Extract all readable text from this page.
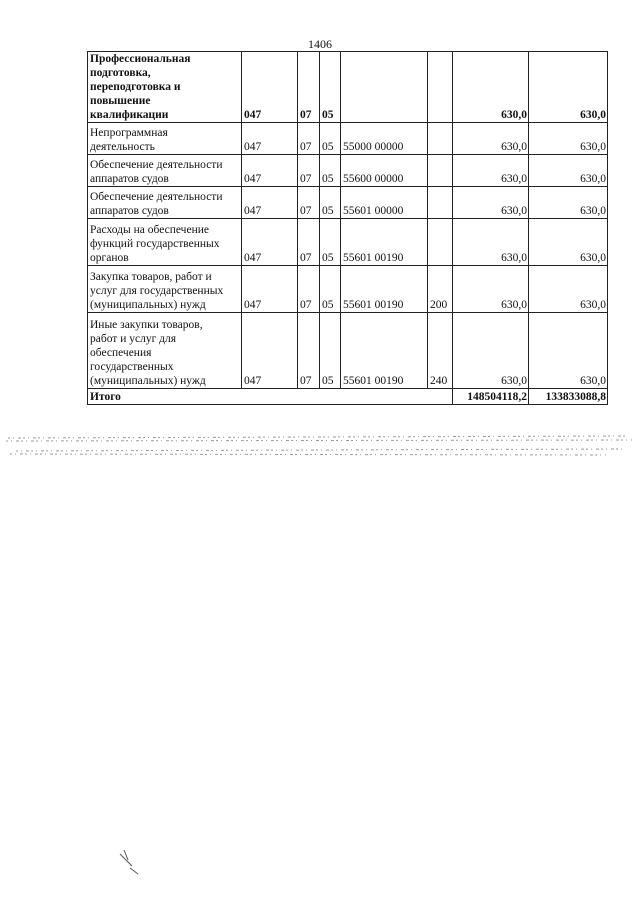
1406
Профессиональная
подготовка,
переподготовка и
повышение
квалификации	047	07	05			630,0	630,0
Непрограммная
деятельность	047	07	05	55000 00000		630,0	630,0
Обеспечение деятельности
аппаратов судов	047	07	05	55600 00000		630,0	630,0
Обеспечение деятельности
аппаратов судов	047	07	05	55601 00000		630,0	630,0
Расходы на обеспечение
функций государственных
органов	047	07	05	55601 00190		630,0	630,0
Закупка товаров, работ и
услуг для государственных
(муниципальных) нужд	047	07	05	55601 00190	200	630,0	630,0
Иные закупки товаров,
работ и услуг для
обеспечения
государственных
(муниципальных) нужд	047	07	05	55601 00190	240	630,0	630,0
Итого						148504118,2	133833088,8
